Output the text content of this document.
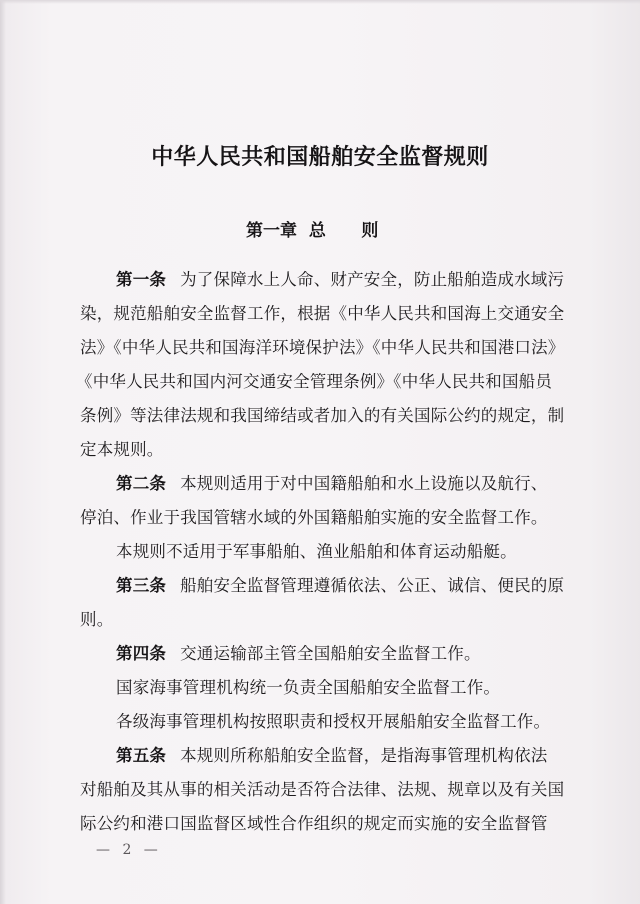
中华人民共和国船舶安全监督规则
第一章 总 则
第一条 为了保障水上人命、财产安全，防止船舶造成水域污
染，规范船舶安全监督工作，根据《中华人民共和国海上交通安全
法》《中华人民共和国海洋环境保护法》《中华人民共和国港口法》
《中华人民共和国内河交通安全管理条例》《中华人民共和国船员
条例》等法律法规和我国缔结或者加入的有关国际公约的规定，制
定本规则。
第二条 本规则适用于对中国籍船舶和水上设施以及航行、
停泊、作业于我国管辖水域的外国籍船舶实施的安全监督工作。
本规则不适用于军事船舶、渔业船舶和体育运动船艇。
第三条 船舶安全监督管理遵循依法、公正、诚信、便民的原
则。
第四条 交通运输部主管全国船舶安全监督工作。
国家海事管理机构统一负责全国船舶安全监督工作。
各级海事管理机构按照职责和授权开展船舶安全监督工作。
第五条 本规则所称船舶安全监督，是指海事管理机构依法
对船舶及其从事的相关活动是否符合法律、法规、规章以及有关国
际公约和港口国监督区域性合作组织的规定而实施的安全监督管
— 2 —
